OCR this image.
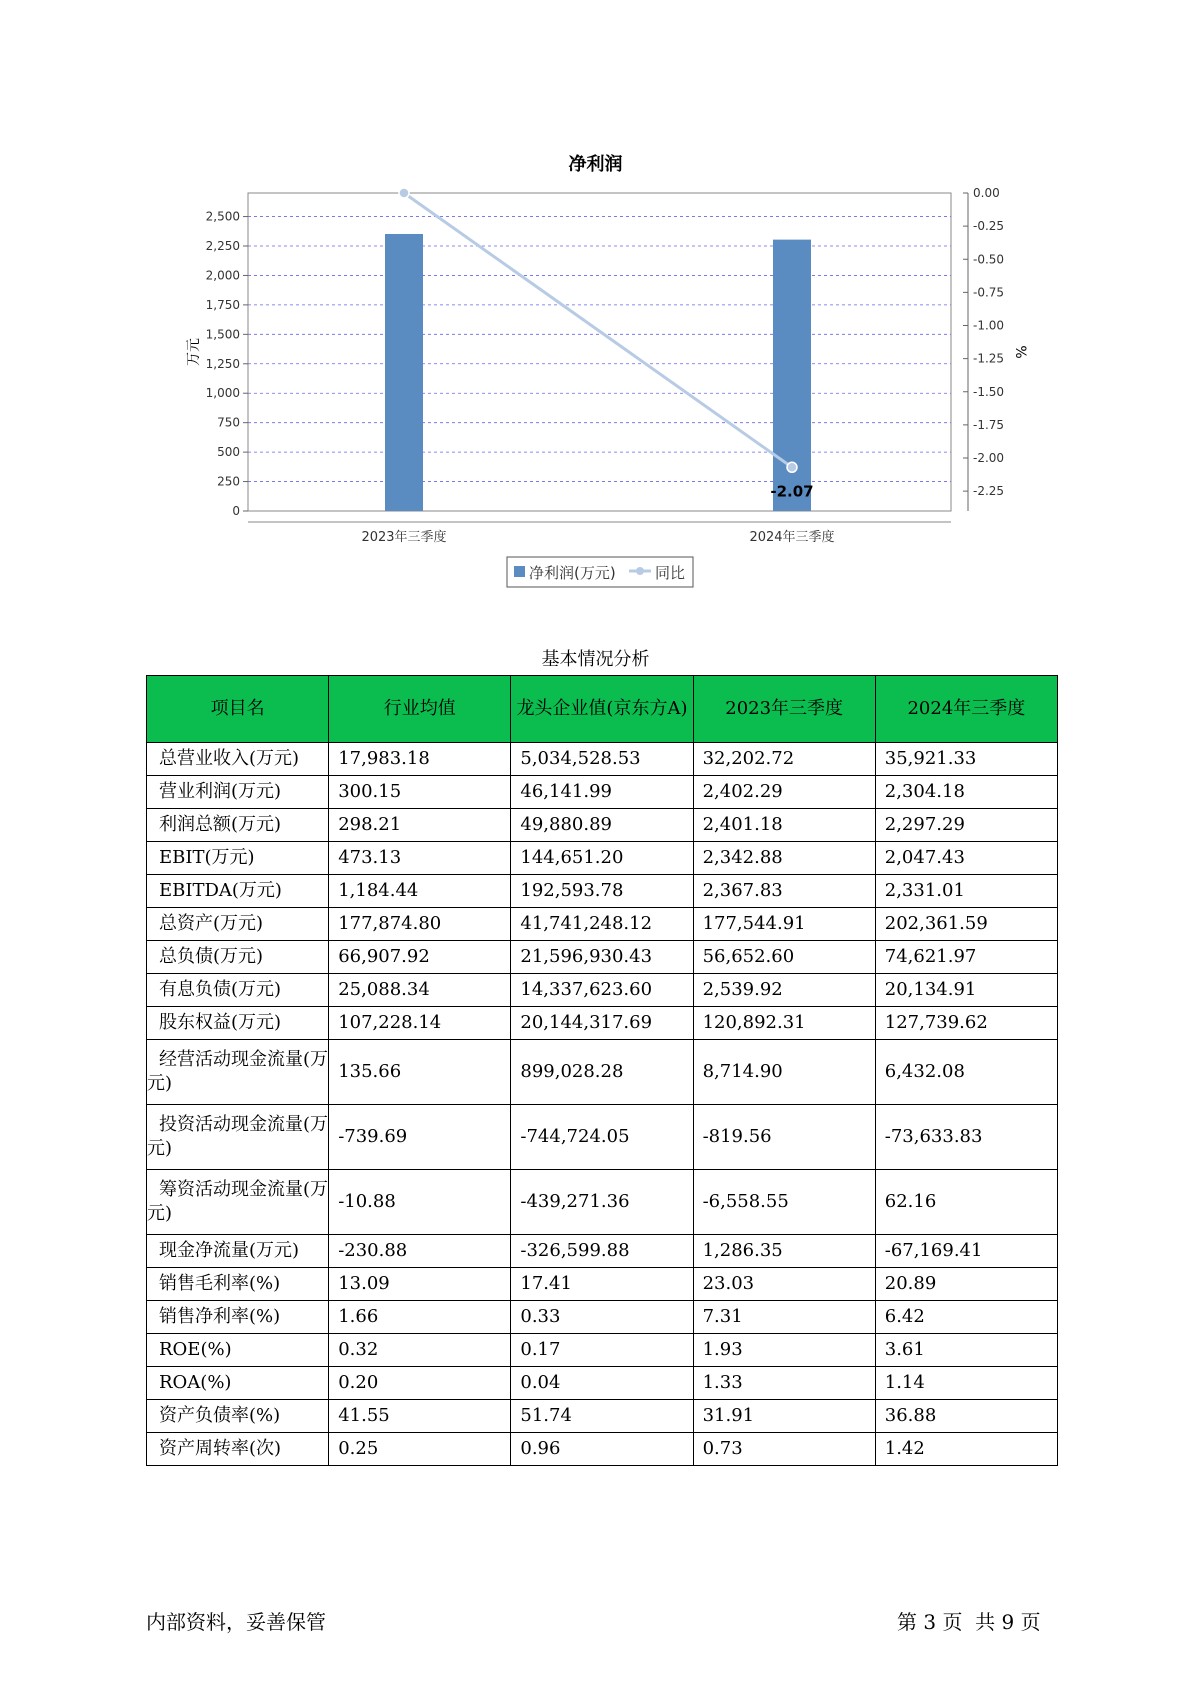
净利润
0
250
500
750
1,000
1,250
1,500
1,750
2,000
2,250
2,500
0.00
-0.25
-0.50
-0.75
-1.00
-1.25
-1.50
-1.75
-2.00
-2.25
万元	%
-2.07
2023年三季度	2024年三季度
净利润(万元)	同比
基本情况分析
项目名	行业均值	龙头企业值(京东方A)	2023年三季度	2024年三季度
总营业收入(万元)	17,983.18	5,034,528.53	32,202.72	35,921.33
营业利润(万元)	300.15	46,141.99	2,402.29	2,304.18
利润总额(万元)	298.21	49,880.89	2,401.18	2,297.29
EBIT(万元)	473.13	144,651.20	2,342.88	2,047.43
EBITDA(万元)	1,184.44	192,593.78	2,367.83	2,331.01
总资产(万元)	177,874.80	41,741,248.12	177,544.91	202,361.59
总负债(万元)	66,907.92	21,596,930.43	56,652.60	74,621.97
有息负债(万元)	25,088.34	14,337,623.60	2,539.92	20,134.91
股东权益(万元)	107,228.14	20,144,317.69	120,892.31	127,739.62
经营活动现金流量(万元)	135.66	899,028.28	8,714.90	6,432.08
投资活动现金流量(万元)	-739.69	-744,724.05	-819.56	-73,633.83
筹资活动现金流量(万元)	-10.88	-439,271.36	-6,558.55	62.16
现金净流量(万元)	-230.88	-326,599.88	1,286.35	-67,169.41
销售毛利率(%)	13.09	17.41	23.03	20.89
销售净利率(%)	1.66	0.33	7.31	6.42
ROE(%)	0.32	0.17	1.93	3.61
ROA(%)	0.20	0.04	1.33	1.14
资产负债率(%)	41.55	51.74	31.91	36.88
资产周转率(次)	0.25	0.96	0.73	1.42
内部资料，妥善保管	第 3 页  共 9 页
